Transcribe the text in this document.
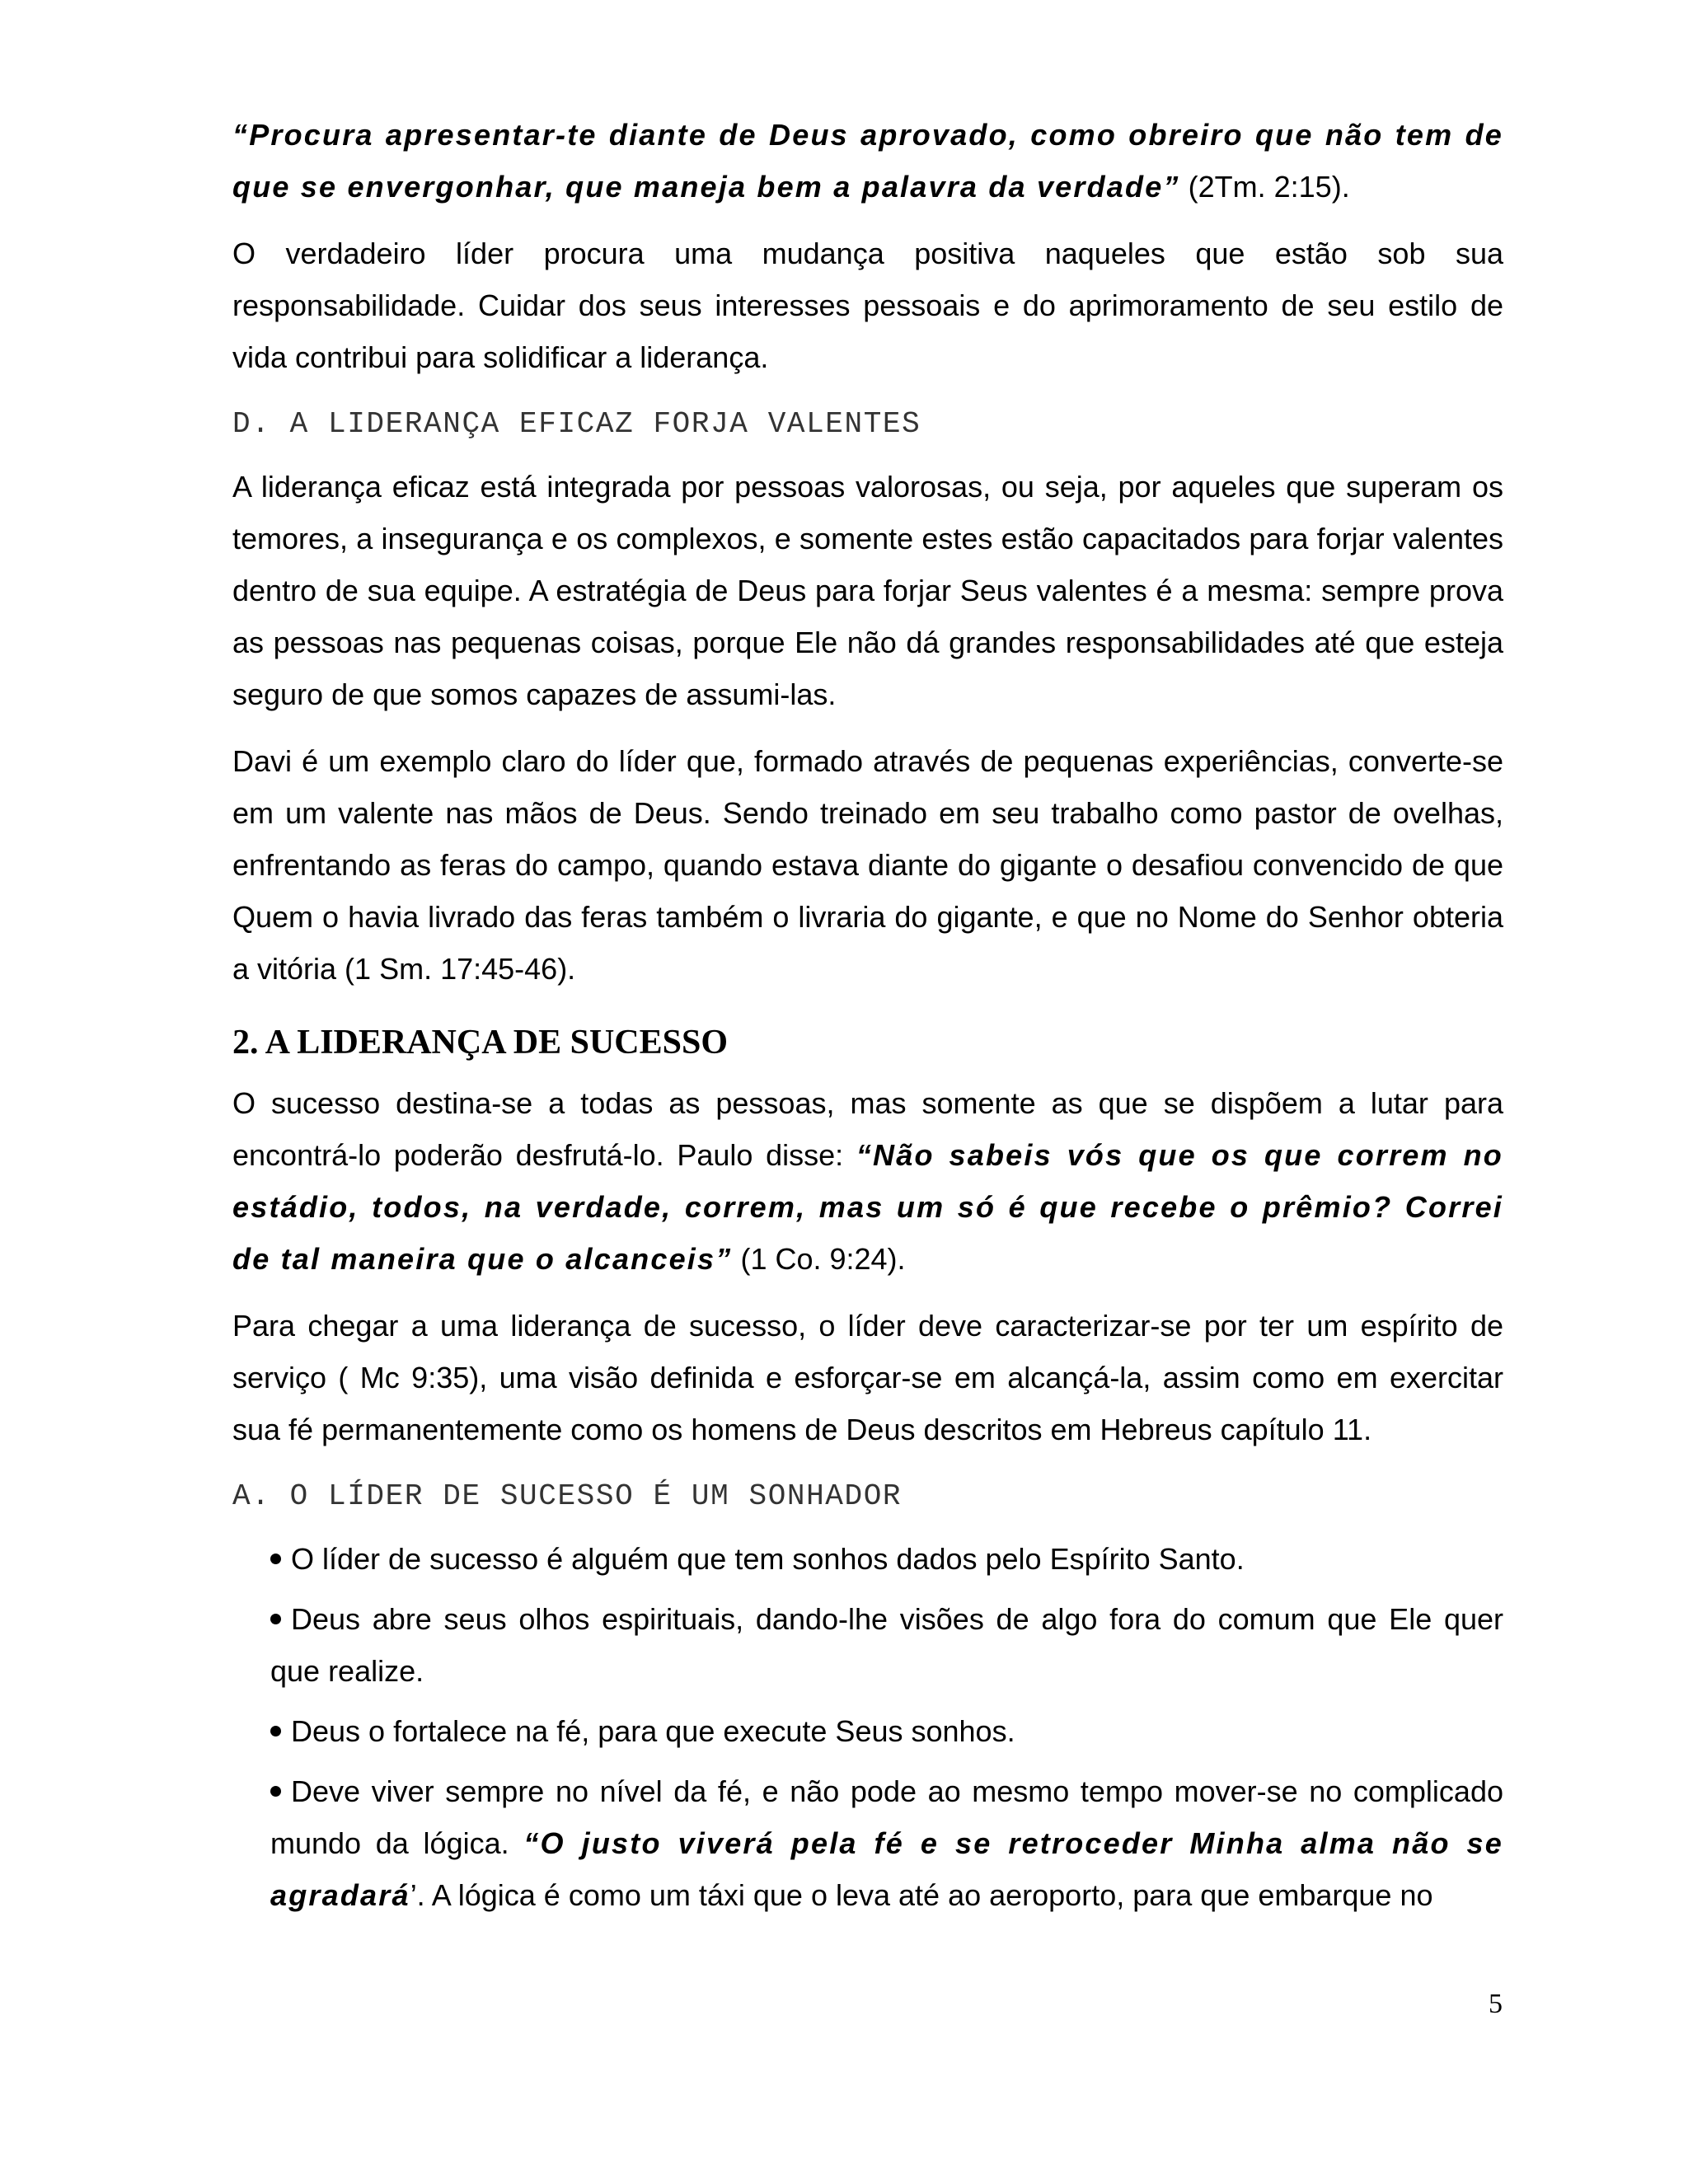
“Procura apresentar-te diante de Deus aprovado, como obreiro que não tem de que se envergonhar, que maneja bem a palavra da verdade” (2Tm. 2:15).

O verdadeiro líder procura uma mudança positiva naqueles que estão sob sua responsabilidade. Cuidar dos seus interesses pessoais e do aprimoramento de seu estilo de vida contribui para solidificar a liderança.

D. A LIDERANÇA EFICAZ FORJA VALENTES

A liderança eficaz está integrada por pessoas valorosas, ou seja, por aqueles que superam os temores, a insegurança e os complexos, e somente estes estão capacitados para forjar valentes dentro de sua equipe. A estratégia de Deus para forjar Seus valentes é a mesma: sempre prova as pessoas nas pequenas coisas, porque Ele não dá grandes responsabilidades até que esteja seguro de que somos capazes de assumi-las.

Davi é um exemplo claro do líder que, formado através de pequenas experiências, converte-se em um valente nas mãos de Deus. Sendo treinado em seu trabalho como pastor de ovelhas, enfrentando as feras do campo, quando estava diante do gigante o desafiou convencido de que Quem o havia livrado das feras também o livraria do gigante, e que no Nome do Senhor obteria a vitória (1 Sm. 17:45-46).

2. A LIDERANÇA DE SUCESSO

O sucesso destina-se a todas as pessoas, mas somente as que se dispõem a lutar para encontrá-lo poderão desfrutá-lo. Paulo disse: “Não sabeis vós que os que correm no estádio, todos, na verdade, correm, mas um só é que recebe o prêmio? Correi de tal maneira que o alcanceis” (1 Co. 9:24).

Para chegar a uma liderança de sucesso, o líder deve caracterizar-se por ter um espírito de serviço ( Mc 9:35), uma visão definida e esforçar-se em alcançá-la, assim como em exercitar sua fé permanentemente como os homens de Deus descritos em Hebreus capítulo 11.

A. O LÍDER DE SUCESSO É UM SONHADOR
O líder de sucesso é alguém que tem sonhos dados pelo Espírito Santo.
Deus abre seus olhos espirituais, dando-lhe visões de algo fora do comum que Ele quer que realize.
Deus o fortalece na fé, para que execute Seus sonhos.
Deve viver sempre no nível da fé, e não pode ao mesmo tempo mover-se no complicado mundo da lógica. “O justo viverá pela fé e se retroceder Minha alma não se agradará’. A lógica é como um táxi que o leva até ao aeroporto, para que embarque no
5
